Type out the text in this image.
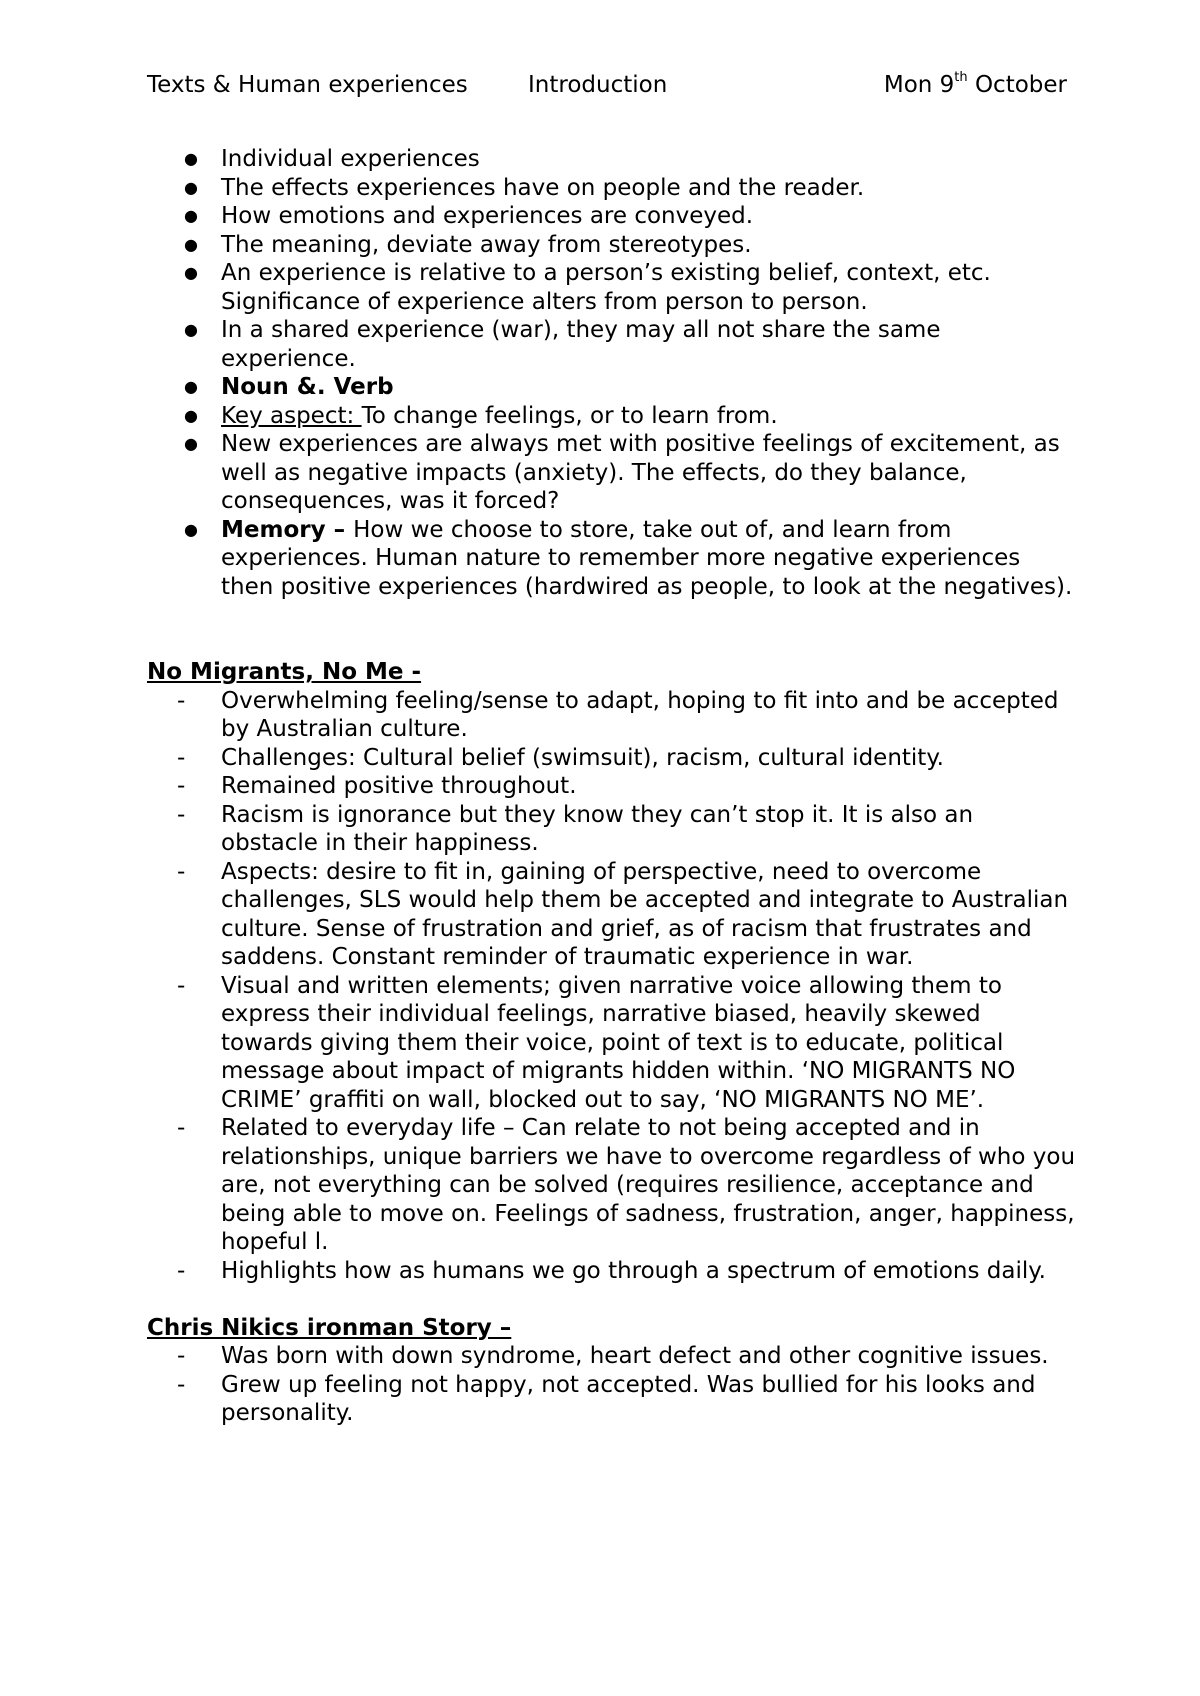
Texts & Human experiences	Introduction	Mon 9th October
● Individual experiences
● The effects experiences have on people and the reader.
● How emotions and experiences are conveyed.
● The meaning, deviate away from stereotypes.
● An experience is relative to a person’s existing belief, context, etc. Significance of experience alters from person to person.
● In a shared experience (war), they may all not share the same experience.
● Noun &. Verb
● Key aspect: To change feelings, or to learn from.
● New experiences are always met with positive feelings of excitement, as well as negative impacts (anxiety). The effects, do they balance, consequences, was it forced?
● Memory – How we choose to store, take out of, and learn from experiences. Human nature to remember more negative experiences then positive experiences (hardwired as people, to look at the negatives).

No Migrants, No Me -

- Overwhelming feeling/sense to adapt, hoping to fit into and be accepted by Australian culture.
- Challenges: Cultural belief (swimsuit), racism, cultural identity.
- Remained positive throughout.
- Racism is ignorance but they know they can’t stop it. It is also an obstacle in their happiness.
- Aspects: desire to fit in, gaining of perspective, need to overcome challenges, SLS would help them be accepted and integrate to Australian culture. Sense of frustration and grief, as of racism that frustrates and saddens. Constant reminder of traumatic experience in war.
- Visual and written elements; given narrative voice allowing them to express their individual feelings, narrative biased, heavily skewed towards giving them their voice, point of text is to educate, political message about impact of migrants hidden within. ‘NO MIGRANTS NO CRIME’ graffiti on wall, blocked out to say, ‘NO MIGRANTS NO ME’.
- Related to everyday life – Can relate to not being accepted and in relationships, unique barriers we have to overcome regardless of who you are, not everything can be solved (requires resilience, acceptance and being able to move on. Feelings of sadness, frustration, anger, happiness, hopeful l.
- Highlights how as humans we go through a spectrum of emotions daily.

Chris Nikics ironman Story –

- Was born with down syndrome, heart defect and other cognitive issues.
- Grew up feeling not happy, not accepted. Was bullied for his looks and personality.
